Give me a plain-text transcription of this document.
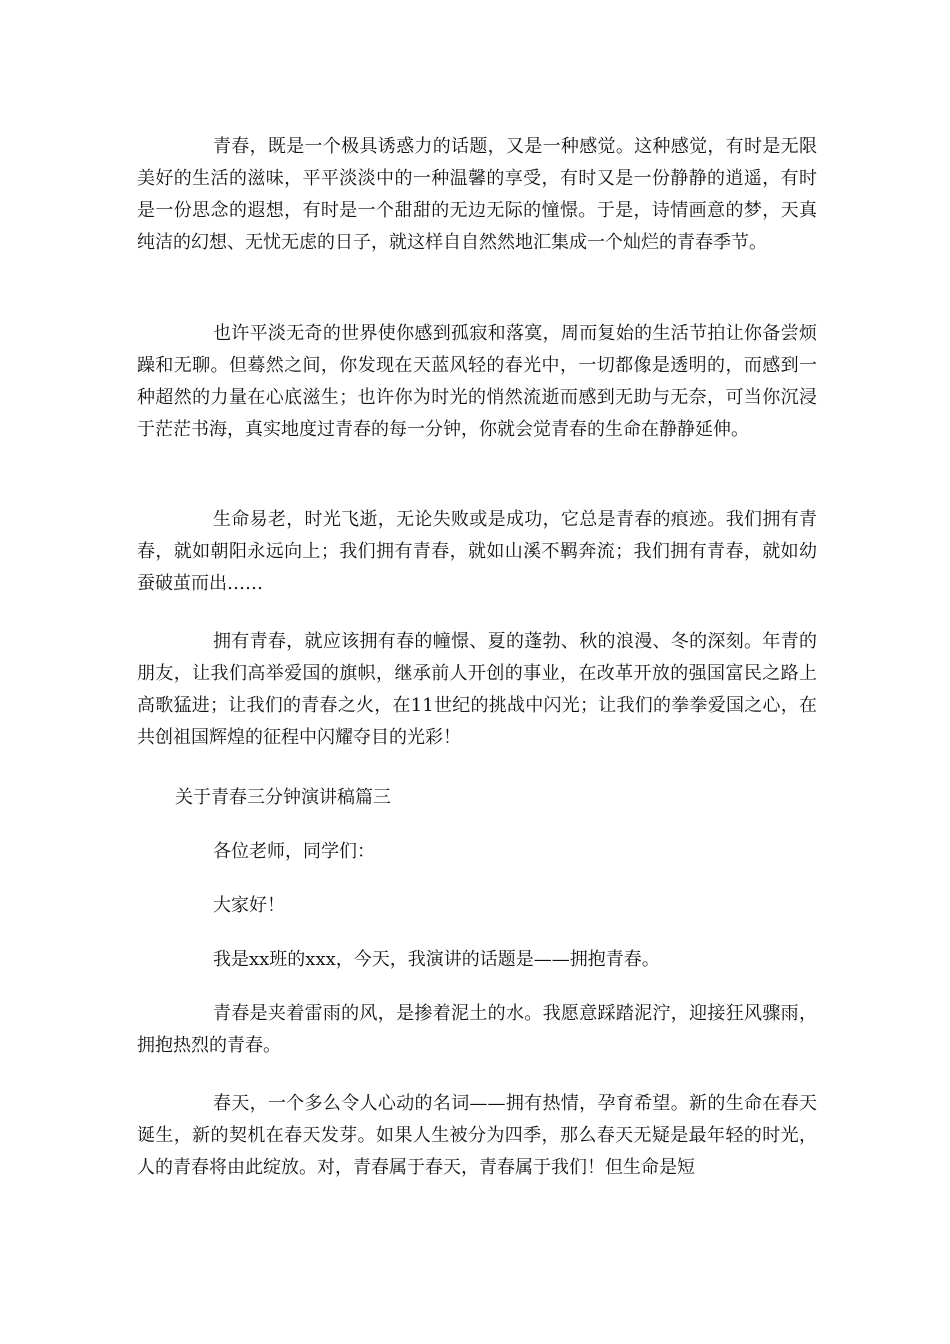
青春，既是一个极具诱惑力的话题，又是一种感觉。这种感觉，有时是无限美好的生活的滋味，平平淡淡中的一种温馨的享受，有时又是一份静静的逍遥，有时是一份思念的遐想，有时是一个甜甜的无边无际的憧憬。于是，诗情画意的梦，天真纯洁的幻想、无忧无虑的日子，就这样自自然然地汇集成一个灿烂的青春季节。

也许平淡无奇的世界使你感到孤寂和落寞，周而复始的生活节拍让你备尝烦躁和无聊。但蓦然之间，你发现在天蓝风轻的春光中，一切都像是透明的，而感到一种超然的力量在心底滋生；也许你为时光的悄然流逝而感到无助与无奈，可当你沉浸于茫茫书海，真实地度过青春的每一分钟，你就会觉青春的生命在静静延伸。

生命易老，时光飞逝，无论失败或是成功，它总是青春的痕迹。我们拥有青春，就如朝阳永远向上；我们拥有青春，就如山溪不羁奔流；我们拥有青春，就如幼蚕破茧而出……

拥有青春，就应该拥有春的幢憬、夏的蓬勃、秋的浪漫、冬的深刻。年青的朋友，让我们高举爱国的旗帜，继承前人开创的事业，在改革开放的强国富民之路上高歌猛进；让我们的青春之火，在11世纪的挑战中闪光；让我们的拳拳爱国之心，在共创祖国辉煌的征程中闪耀夺目的光彩！

关于青春三分钟演讲稿篇三

各位老师，同学们：

大家好！

我是xx班的xxx，今天，我演讲的话题是——拥抱青春。

青春是夹着雷雨的风，是掺着泥土的水。我愿意踩踏泥泞，迎接狂风骤雨，拥抱热烈的青春。

春天，一个多么令人心动的名词——拥有热情，孕育希望。新的生命在春天诞生，新的契机在春天发芽。如果人生被分为四季，那么春天无疑是最年轻的时光，人的青春将由此绽放。对，青春属于春天，青春属于我们！但生命是短
